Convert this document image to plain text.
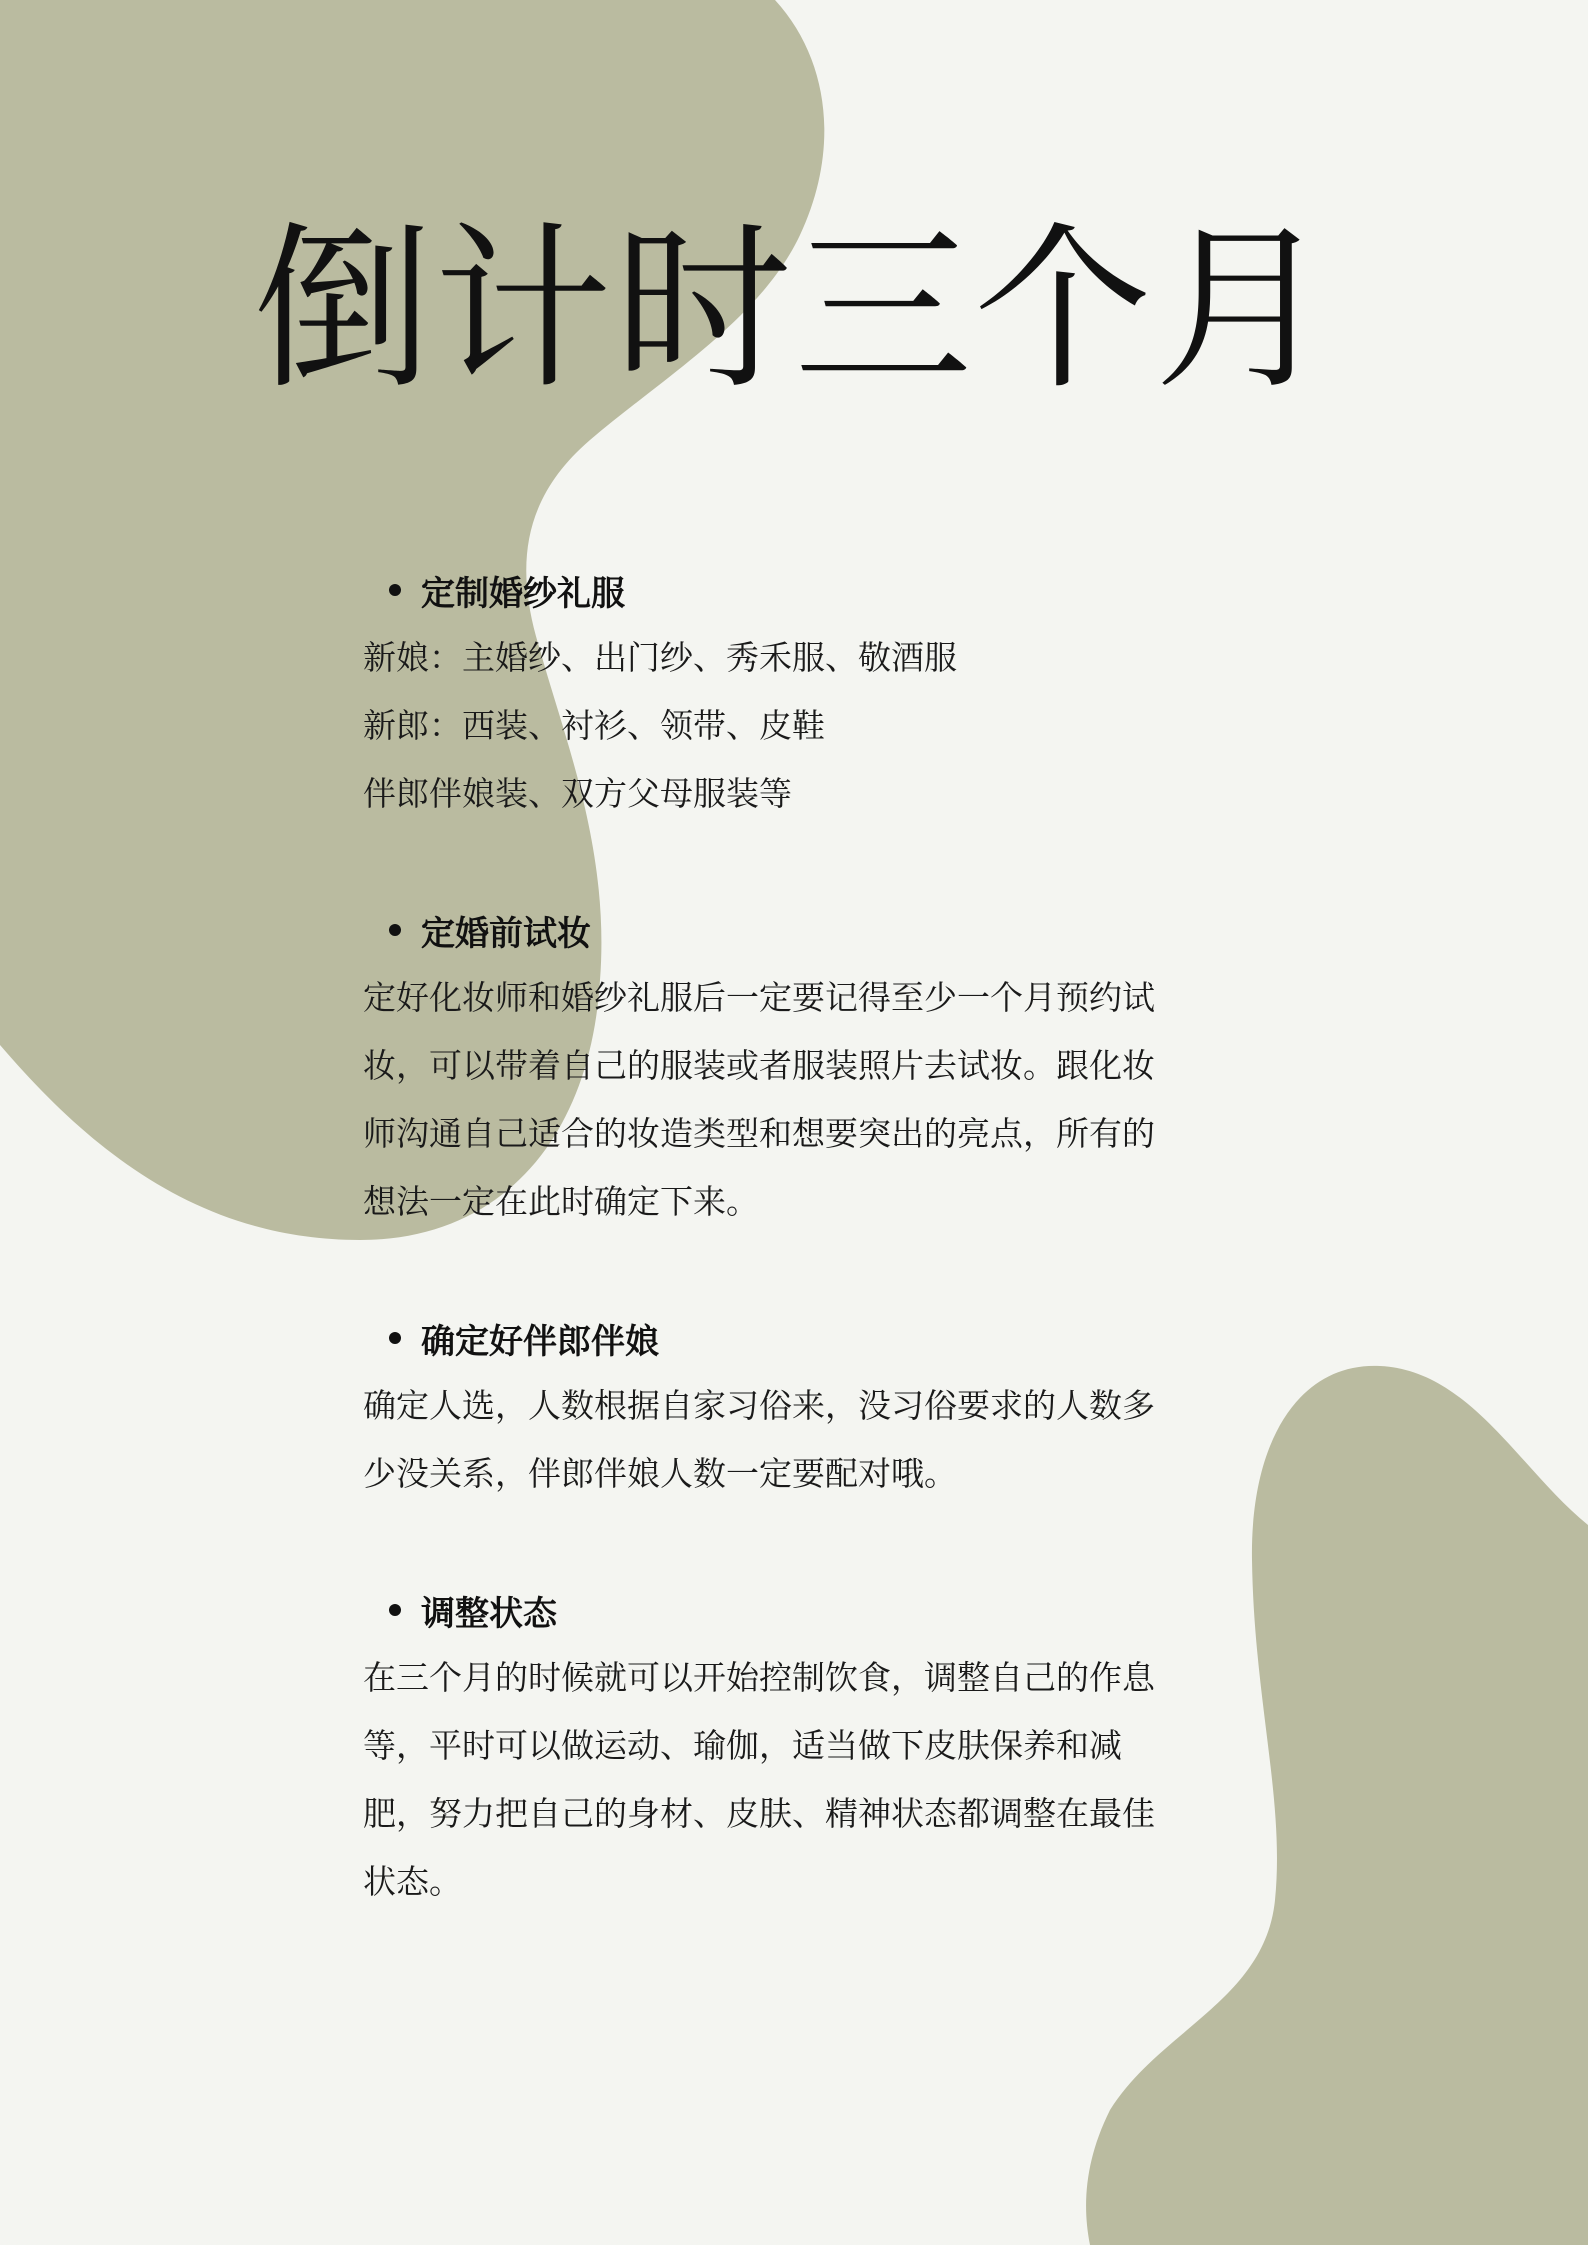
倒计时三个月
定制婚纱礼服
新娘：主婚纱、出门纱、秀禾服、敬酒服
新郎：西装、衬衫、领带、皮鞋
伴郎伴娘装、双方父母服装等
定婚前试妆
定好化妆师和婚纱礼服后一定要记得至少一个月预约试
妆，可以带着自己的服装或者服装照片去试妆。跟化妆
师沟通自己适合的妆造类型和想要突出的亮点，所有的
想法一定在此时确定下来。
确定好伴郎伴娘
确定人选，人数根据自家习俗来，没习俗要求的人数多
少没关系，伴郎伴娘人数一定要配对哦。
调整状态
在三个月的时候就可以开始控制饮食，调整自己的作息
等，平时可以做运动、瑜伽，适当做下皮肤保养和减
肥，努力把自己的身材、皮肤、精神状态都调整在最佳
状态。
